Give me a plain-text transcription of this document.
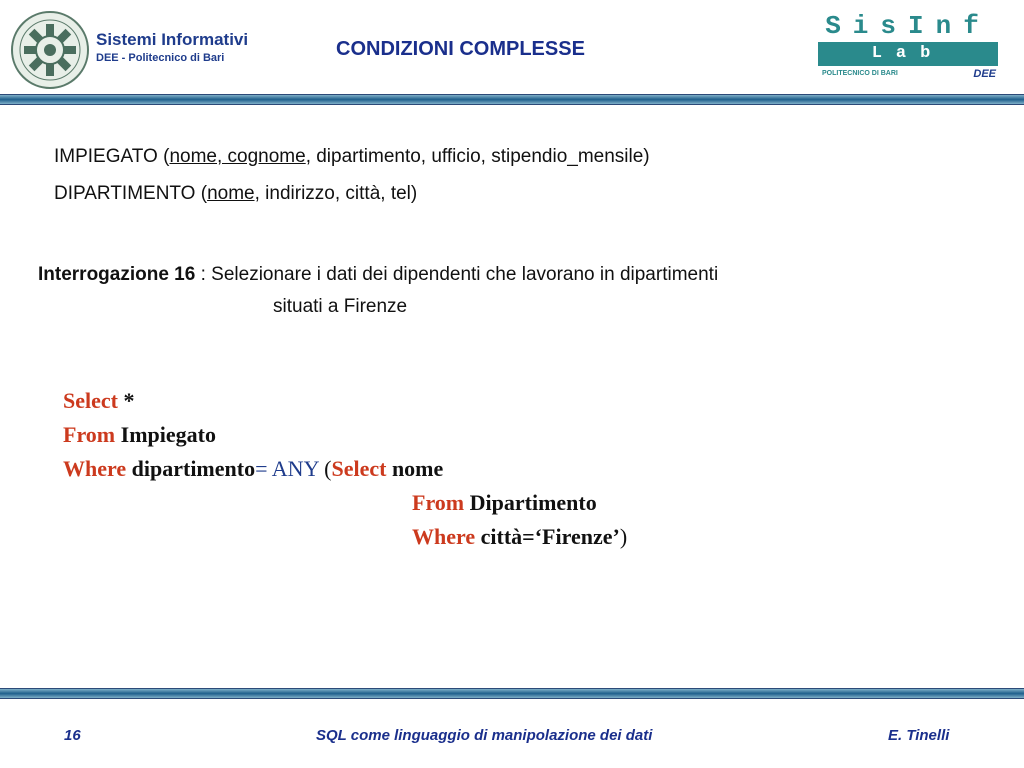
Sistemi Informativi
DEE - Politecnico di Bari	CONDIZIONI COMPLESSE
SisInf
Lab
POLITECNICO DI BARI	DEE
IMPIEGATO (nome, cognome, dipartimento, ufficio, stipendio_mensile)
DIPARTIMENTO (nome, indirizzo, città, tel)
Interrogazione 16 : Selezionare i dati dei dipendenti che lavorano in dipartimenti
situati a Firenze
Select *
From Impiegato
Where dipartimento= ANY (Select nome
From Dipartimento
Where città=‘Firenze’)
16	SQL come linguaggio di manipolazione dei dati	E. Tinelli
